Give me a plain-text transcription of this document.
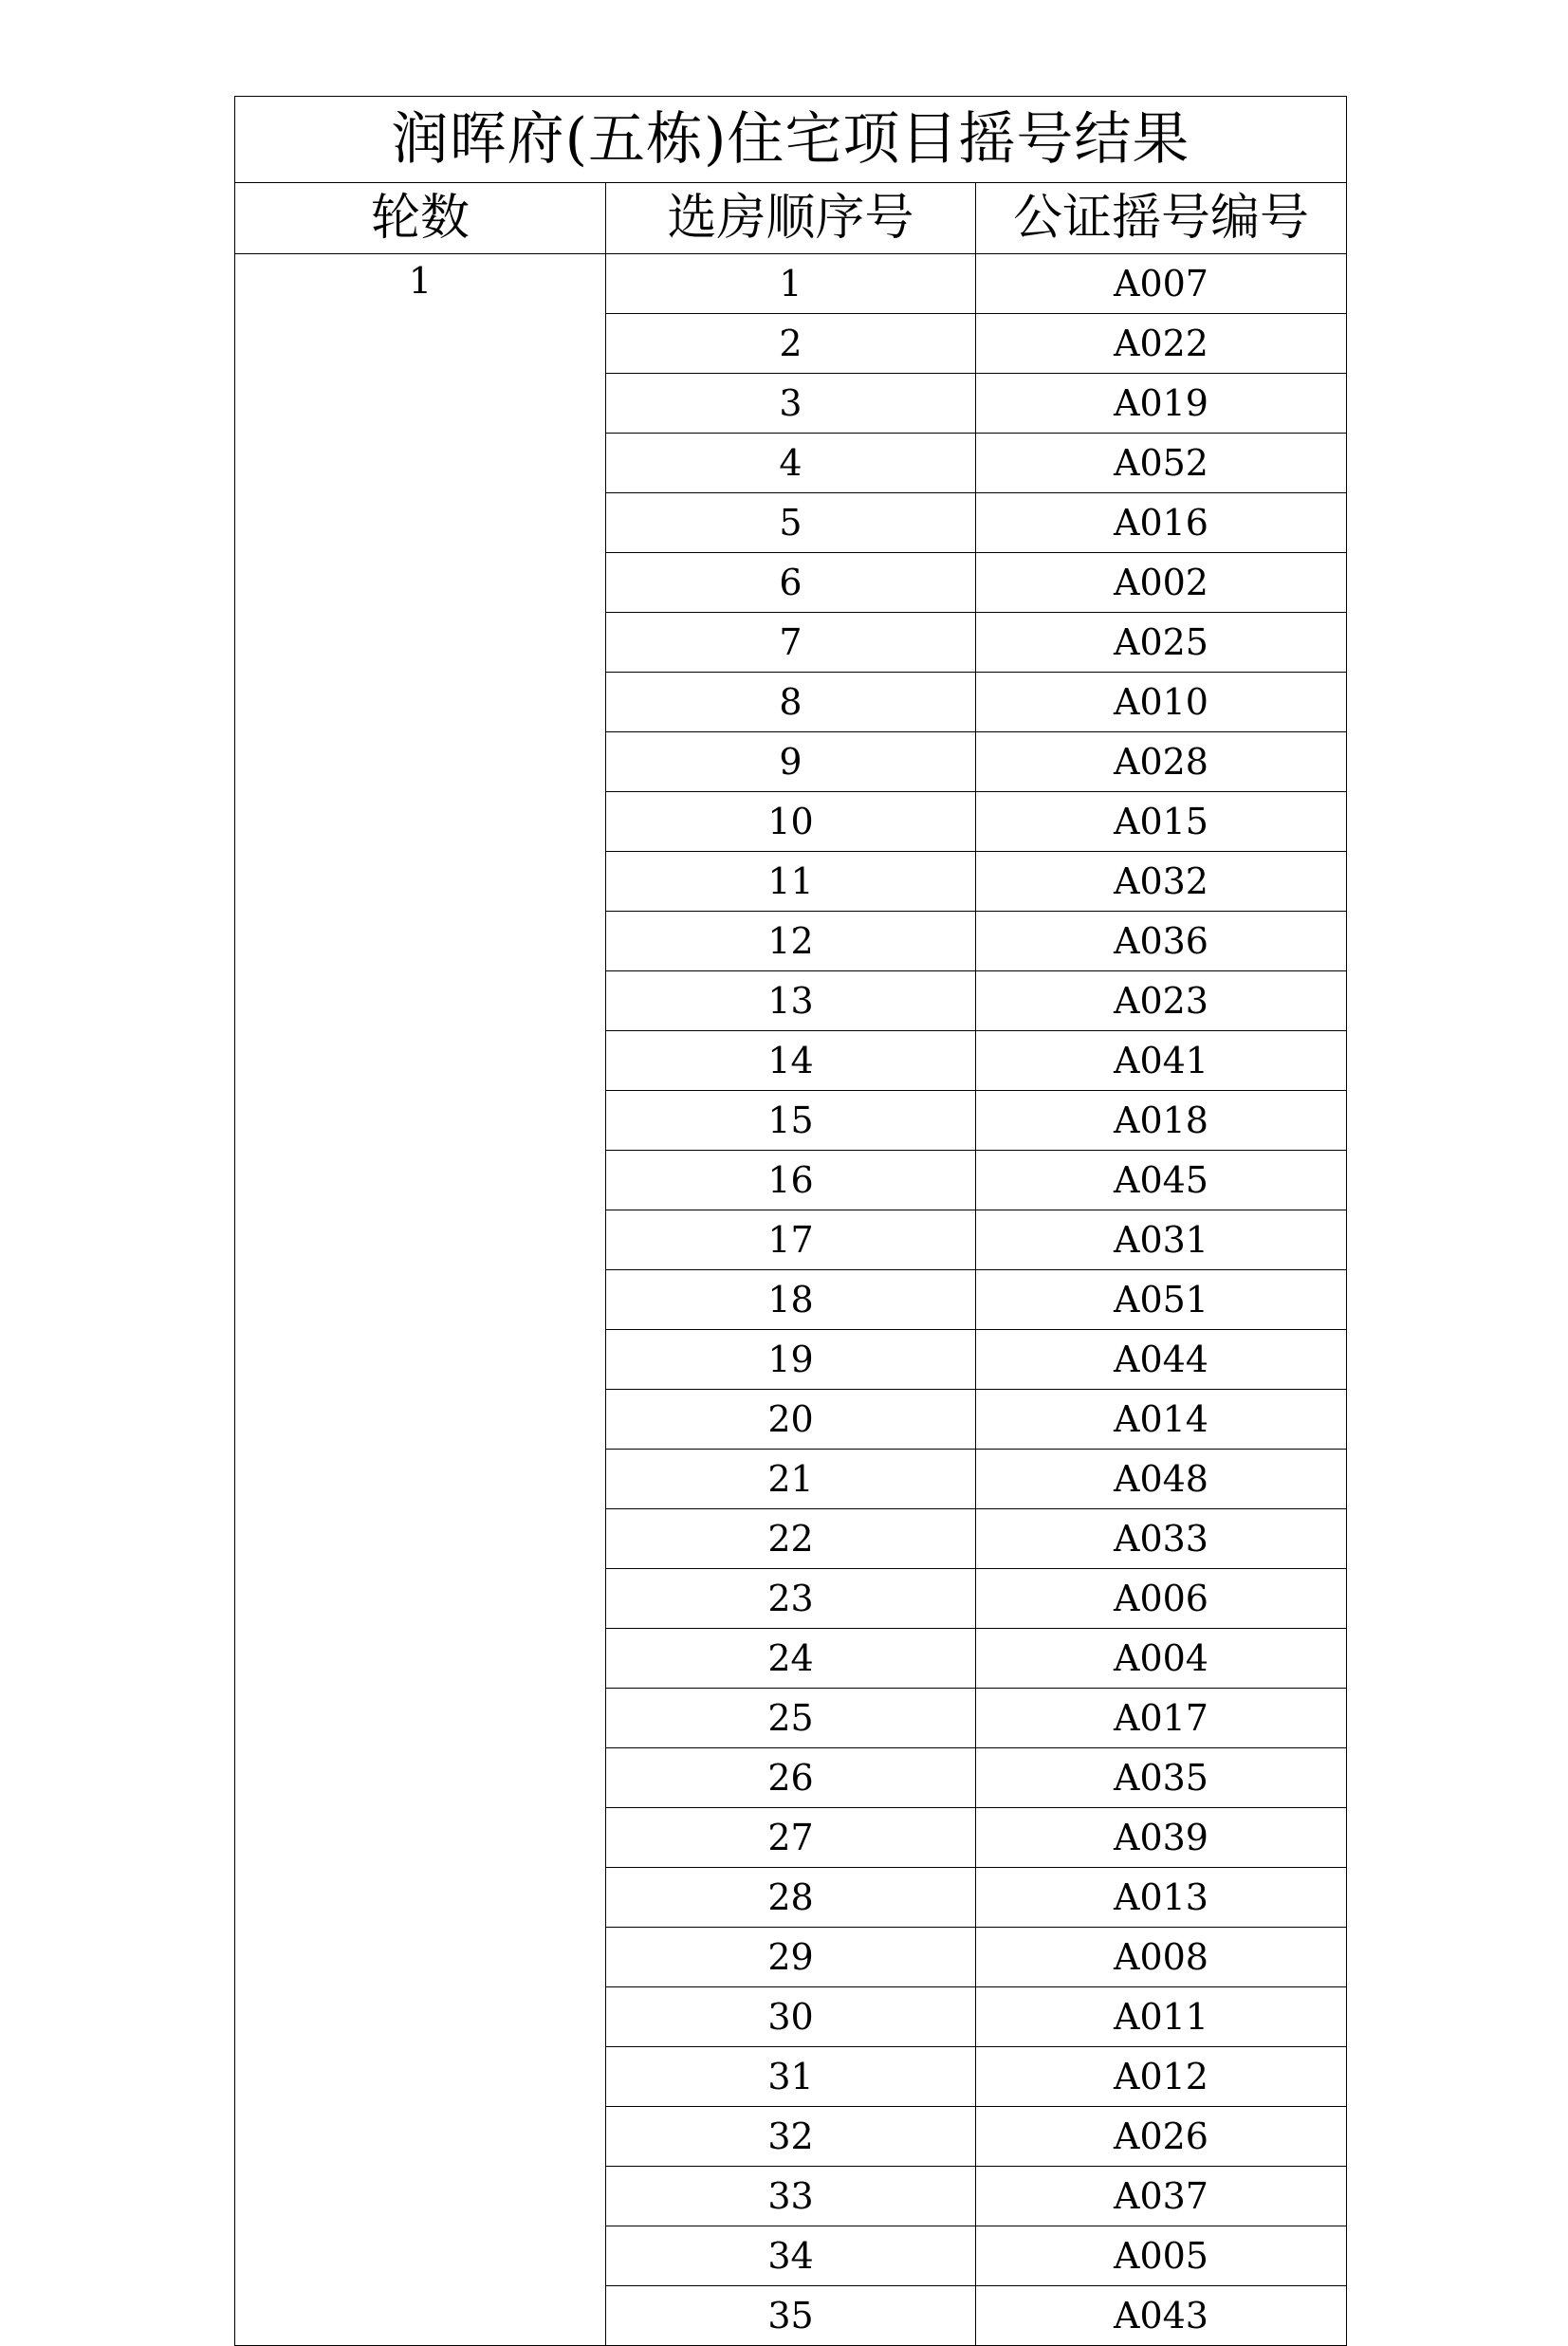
润晖府(五栋)住宅项目摇号结果		
轮数	选房顺序号	公证摇号编号
1	1	A007
	2	A022
	3	A019
	4	A052
	5	A016
	6	A002
	7	A025
	8	A010
	9	A028
	10	A015
	11	A032
	12	A036
	13	A023
	14	A041
	15	A018
	16	A045
	17	A031
	18	A051
	19	A044
	20	A014
	21	A048
	22	A033
	23	A006
	24	A004
	25	A017
	26	A035
	27	A039
	28	A013
	29	A008
	30	A011
	31	A012
	32	A026
	33	A037
	34	A005
	35	A043
